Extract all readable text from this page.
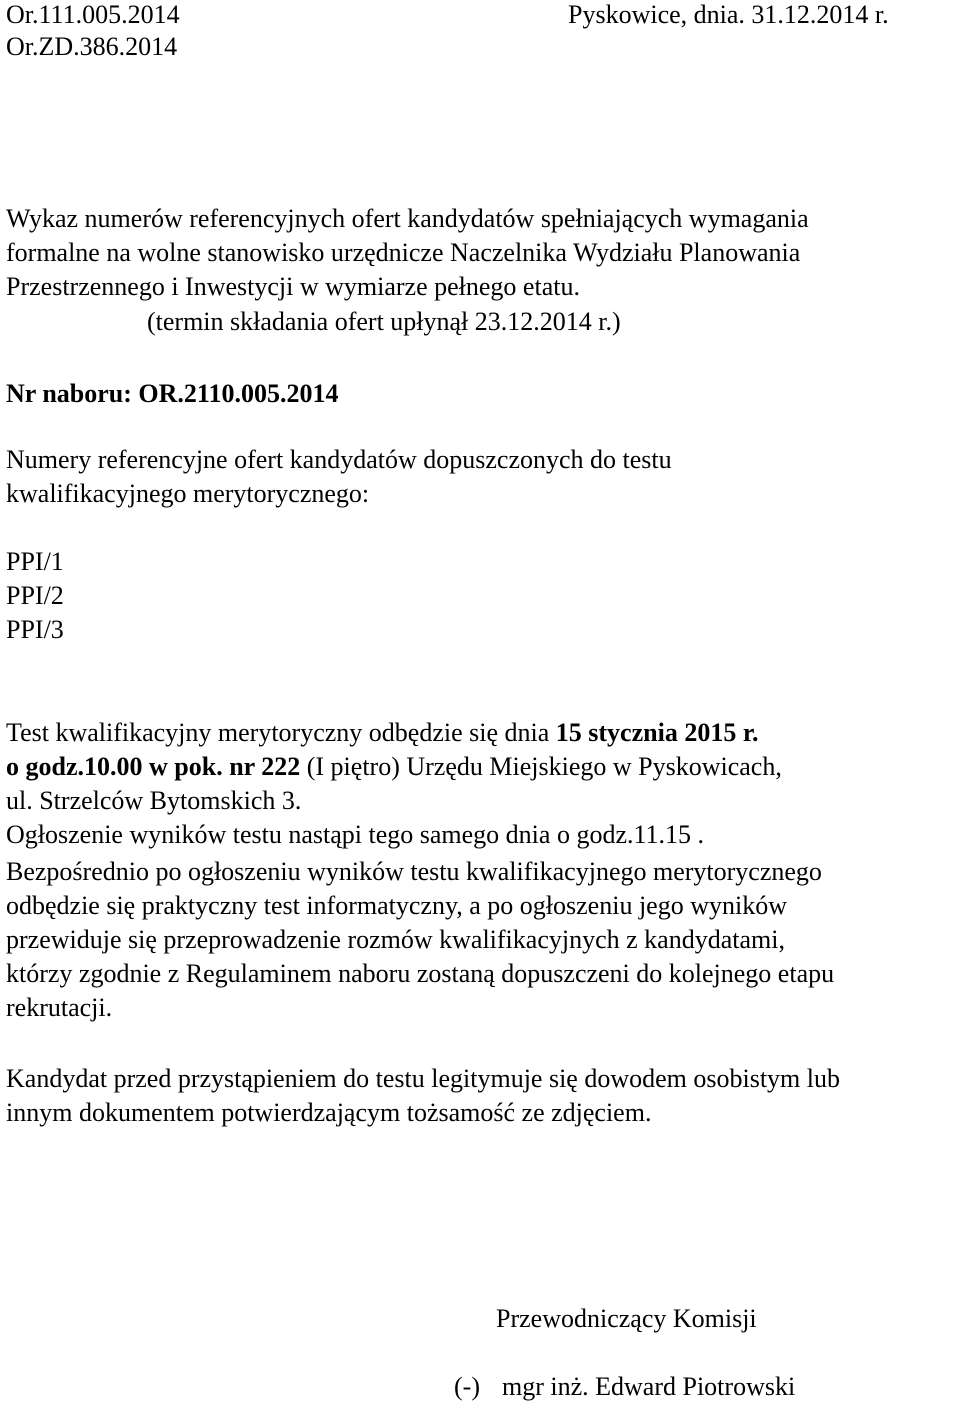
Or.111.005.2014	Pyskowice, dnia. 31.12.2014 r.
Or.ZD.386.2014
Wykaz numerów referencyjnych ofert kandydatów spełniających wymagania
formalne na wolne stanowisko urzędnicze Naczelnika Wydziału Planowania
Przestrzennego i Inwestycji w wymiarze pełnego etatu.
(termin składania ofert upłynął 23.12.2014 r.)
Nr naboru: OR.2110.005.2014
Numery referencyjne ofert kandydatów dopuszczonych do testu
kwalifikacyjnego merytorycznego:
PPI/1
PPI/2
PPI/3
Test kwalifikacyjny merytoryczny odbędzie się dnia 15 stycznia 2015 r.
o godz.10.00 w pok. nr 222 (I piętro) Urzędu Miejskiego w Pyskowicach,
ul. Strzelców Bytomskich 3.
Ogłoszenie wyników testu nastąpi tego samego dnia o godz.11.15 .
Bezpośrednio po ogłoszeniu wyników testu kwalifikacyjnego merytorycznego
odbędzie się praktyczny test informatyczny, a po ogłoszeniu jego wyników
przewiduje się przeprowadzenie rozmów kwalifikacyjnych z kandydatami,
którzy zgodnie z Regulaminem naboru zostaną dopuszczeni do kolejnego etapu
rekrutacji.
Kandydat przed przystąpieniem do testu legitymuje się dowodem osobistym lub
innym dokumentem potwierdzającym tożsamość ze zdjęciem.
Przewodniczący Komisji
(-) mgr inż. Edward Piotrowski
